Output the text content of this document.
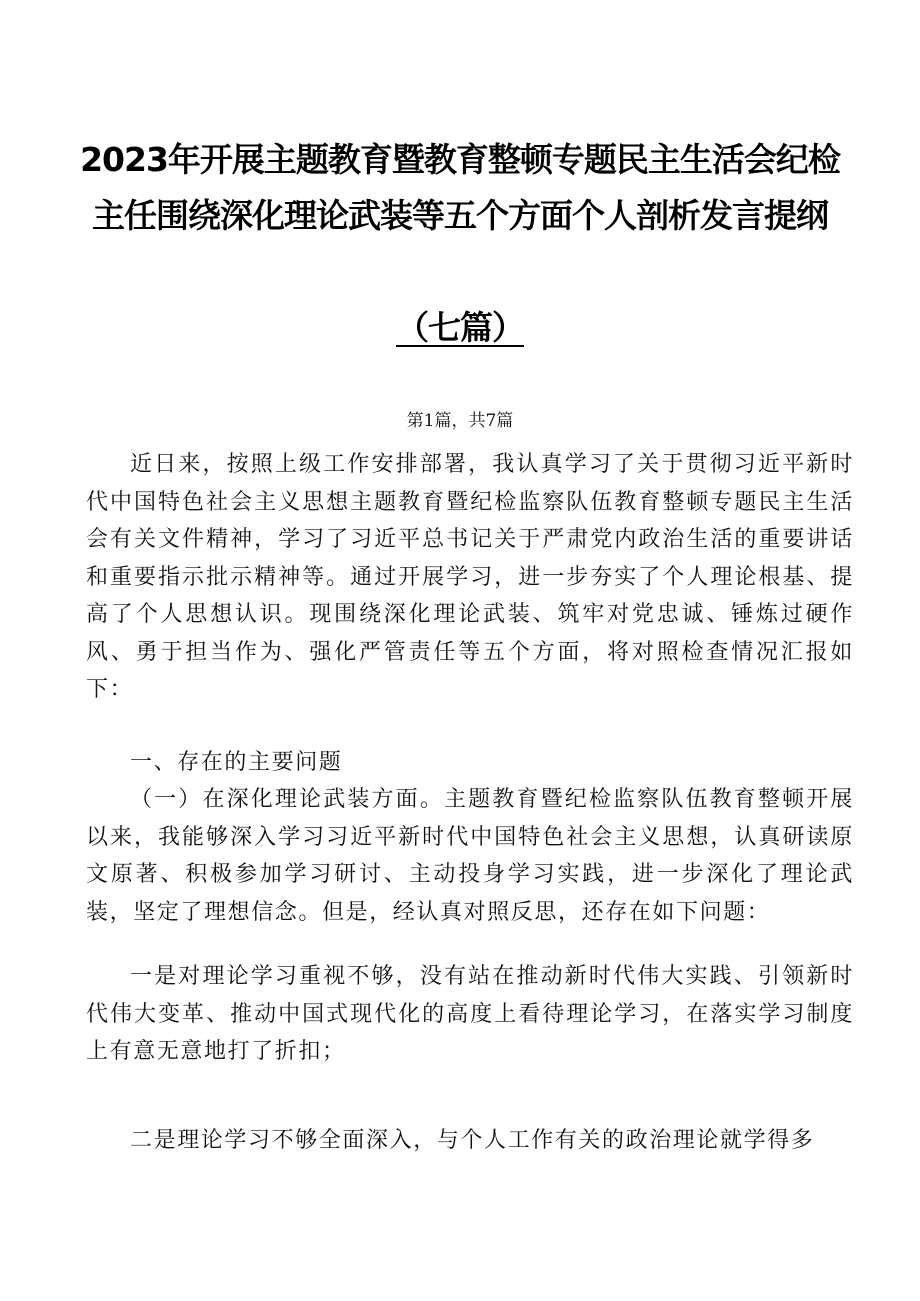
2023年开展主题教育暨教育整顿专题民主生活会纪检
主任围绕深化理论武装等五个方面个人剖析发言提纲
（七篇）
第1篇，共7篇

近日来，按照上级工作安排部署，我认真学习了关于贯彻习近平新时代中国特色社会主义思想主题教育暨纪检监察队伍教育整顿专题民主生活会有关文件精神，学习了习近平总书记关于严肃党内政治生活的重要讲话和重要指示批示精神等。通过开展学习，进一步夯实了个人理论根基、提高了个人思想认识。现围绕深化理论武装、筑牢对党忠诚、锤炼过硬作风、勇于担当作为、强化严管责任等五个方面，将对照检查情况汇报如下：

一、存在的主要问题

（一）在深化理论武装方面。主题教育暨纪检监察队伍教育整顿开展以来，我能够深入学习习近平新时代中国特色社会主义思想，认真研读原文原著、积极参加学习研讨、主动投身学习实践，进一步深化了理论武装，坚定了理想信念。但是，经认真对照反思，还存在如下问题：

一是对理论学习重视不够，没有站在推动新时代伟大实践、引领新时代伟大变革、推动中国式现代化的高度上看待理论学习，在落实学习制度上有意无意地打了折扣；

二是理论学习不够全面深入，与个人工作有关的政治理论就学得多
